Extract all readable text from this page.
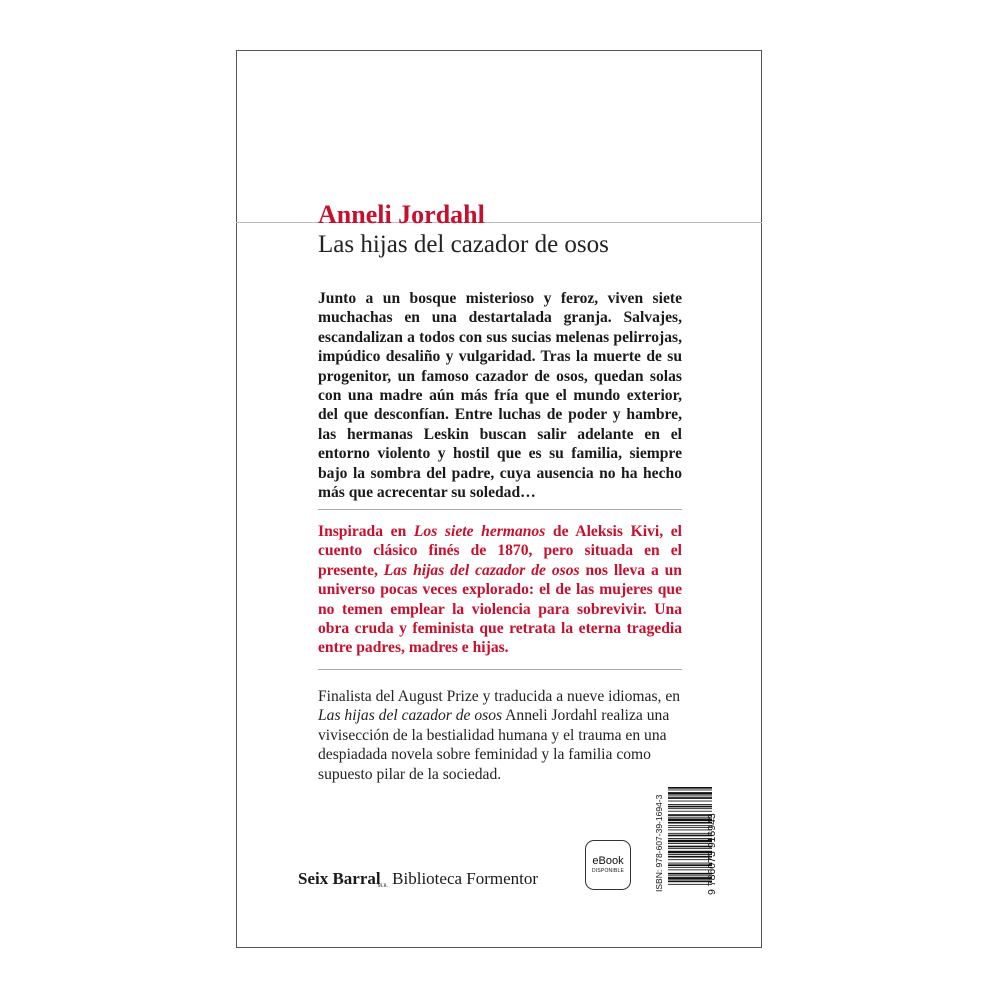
Anneli Jordahl
Las hijas del cazador de osos
Junto a un bosque misterioso y feroz, viven siete muchachas en una destartalada granja. Salvajes, escandalizan a todos con sus sucias melenas pelirrojas, impúdico desaliño y vulgaridad. Tras la muerte de su progenitor, un famoso cazador de osos, quedan solas con una madre aún más fría que el mundo exterior, del que desconfían. Entre luchas de poder y hambre, las hermanas Leskin buscan salir adelante en el entorno violento y hostil que es su familia, siempre bajo la sombra del padre, cuya ausencia no ha hecho más que acrecentar su soledad…
Inspirada en Los siete hermanos de Aleksis Kivi, el cuento clásico finés de 1870, pero situada en el presente, Las hijas del cazador de osos nos lleva a un universo pocas veces explorado: el de las mujeres que no temen emplear la violencia para sobrevivir. Una obra cruda y feminista que retrata la eterna tragedia entre padres, madres e hijas.
Finalista del August Prize y traducida a nueve idiomas, en Las hijas del cazador de osos Anneli Jordahl realiza una vivisección de la bestialidad humana y el trauma en una despiadada novela sobre feminidad y la familia como supuesto pilar de la sociedad.
Seix BarralM.R. Biblioteca Formentor
eBook
DISPONIBLE	ISBN: 978-607-39-1694-3	9 786073 916943
